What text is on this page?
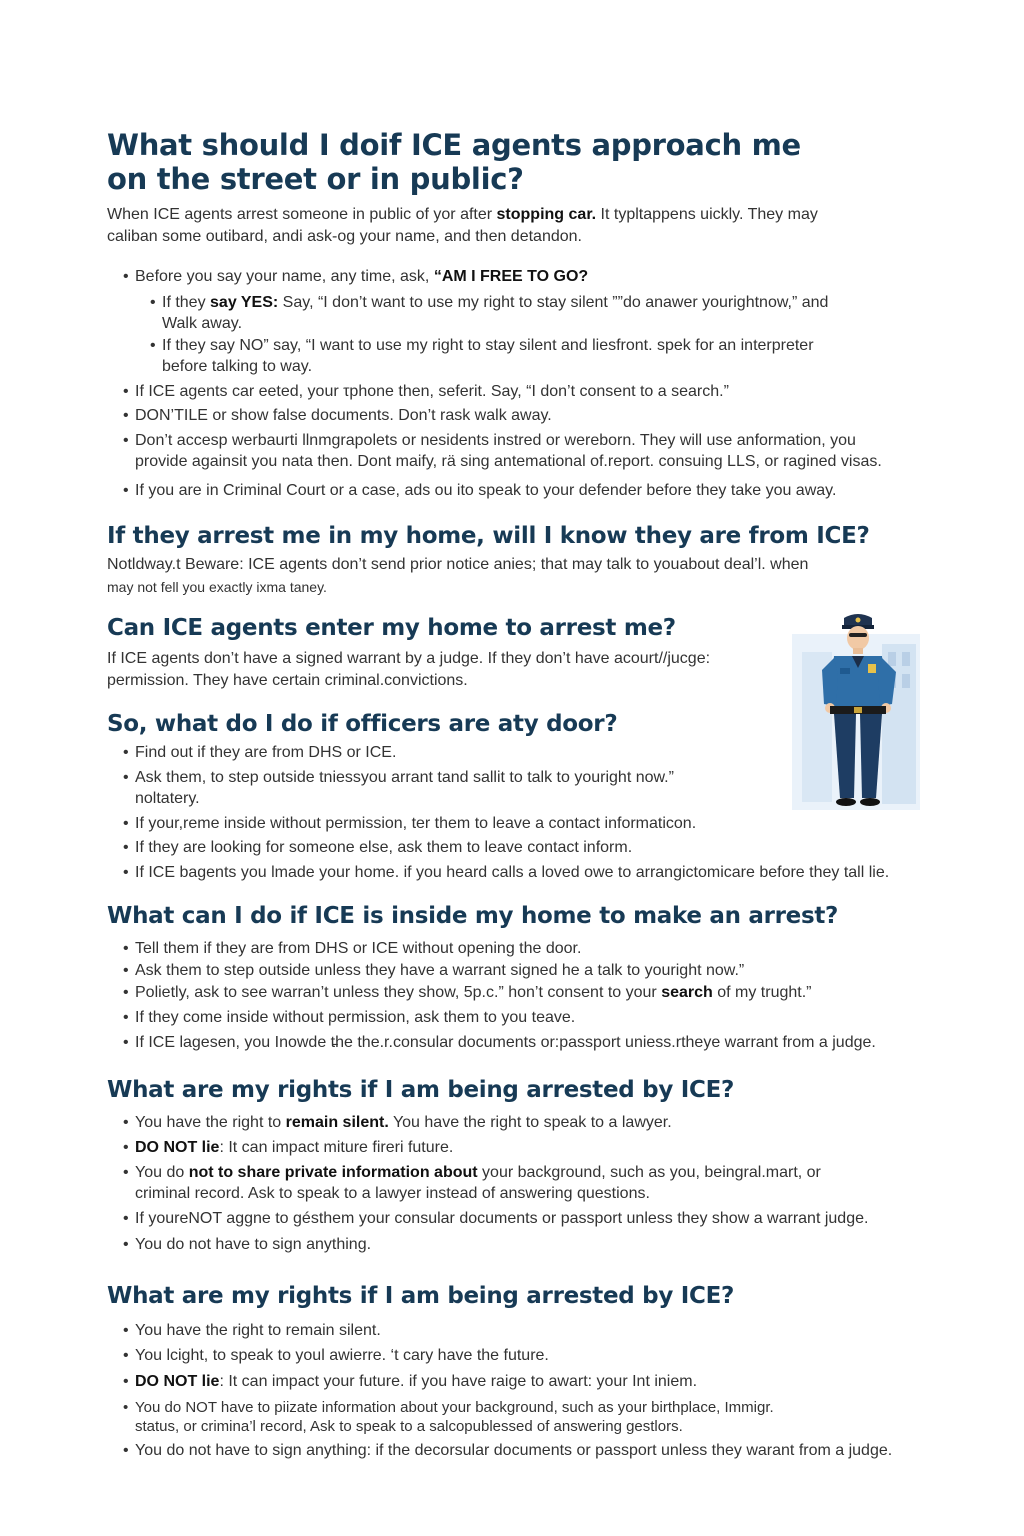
What should I doif ICE agents approach me
on the street or in public?

When ICE agents arrest someone in public of yor after stopping car. It typltappens uickly. They may
caliban some outibard, andi ask-og your name, and then detandon.

• Before you say your name, any time, ask, “AM I FREE TO GO?
• If they say YES: Say, “I don’t want to use my right to stay silent ””do anawer yourightnow,” and
Walk away.
• If they say NO” say, “I want to use my right to stay silent and liesfront. spek for an interpreter
before talking to way.
• If ICE agents car eeted, your τphone then, seferit. Say, “I don’t consent to a search.”
• DON’TILE or show false documents. Don’t rask walk away.
• Don’t accesp werbaurti llnmgrapolets or nesidents instred or wereborn. They will use anformation, you
provide againsit you nata then. Dont maify, rä sing antemational of.report. consuing LLS, or ragined visas.
• If you are in Criminal Court or a case, ads ou ito speak to your defender before they take you away.
If they arrest me in my home, will I know they are from ICE?

Notldway.t Beware: ICE agents don’t send prior notice anies; that may talk to youabout deal’l. when
may not fell you exactly ixma taney.

Can ICE agents enter my home to arrest me?

If ICE agents don’t have a signed warrant by a judge. If they don’t have acourt//jucge:
permission. They have certain criminal.convictions.

So, what do I do if officers are aty door?
• Find out if they are from DHS or ICE.
• Ask them, to step outside tniessyou arrant tand sallit to talk to youright now.”
noltatery.
• If your,reme inside without permission, ter them to leave a contact informaticon.
• If they are looking for someone else, ask them to leave contact inform.
• If ICE bagents you lmade your home. if you heard calls a loved owe to arrangictomicare before they tall lie.
What can I do if ICE is inside my home to make an arrest?
• Tell them if they are from DHS or ICE without opening the door.
• Ask them to step outside unless they have a warrant signed he a talk to youright now.”
• Polietly, ask to see warran’t unless they show, 5p.c.” hon’t consent to your search of my trught.”
• If they come inside without permission, ask them to you teave.
• If ICE lagesen, you Inowde t̵he the.r.consular documents or:passport uniess.rtheye warrant from a judge.
What are my rights if I am being arrested by ICE?
• You have the right to remain silent. You have the right to speak to a lawyer.
• DO NOT lie: It can impact miture fireri future.
• You do not to share private information about your background, such as you, beingral.mart, or
criminal record. Ask to speak to a lawyer instead of answering questions.
• If youreNOT aggne to gésthem your consular documents or passport unless they show a warrant judge.
• You do not have to sign anything.
What are my rights if I am being arrested by ICE?
• You have the right to remain silent.
• You lcight, to speak to youl awierre. ‘t cary have the future.
• DO NOT lie: It can impact your future. if you have raige to awart: your Int iniem.
• You do NOT have to piizate information about your background, such as your birthplace, Immigr.
status, or crimina’l record, Ask to speak to a salcopublessed of answering gestlors.
• You do not have to sign anything: if the decorsular documents or passport unless they warant from a judge.
